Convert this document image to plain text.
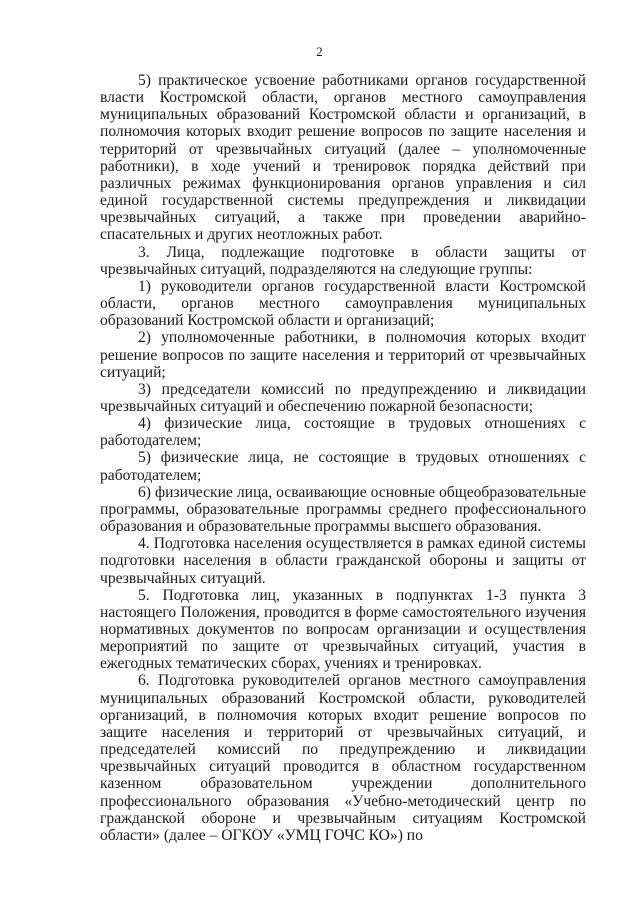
2

5) практическое усвоение работниками органов государственной власти Костромской области, органов местного самоуправления муниципальных образований Костромской области и организаций, в полномочия которых входит решение вопросов по защите населения и территорий от чрезвычайных ситуаций (далее – уполномоченные работники), в ходе учений и тренировок порядка действий при различных режимах функционирования органов управления и сил единой государственной системы предупреждения и ликвидации чрезвычайных ситуаций, а также при проведении аварийно-спасательных и других неотложных работ.

3. Лица, подлежащие подготовке в области защиты от чрезвычайных ситуаций, подразделяются на следующие группы:

1) руководители органов государственной власти Костромской области, органов местного самоуправления муниципальных образований Костромской области и организаций;

2) уполномоченные работники, в полномочия которых входит решение вопросов по защите населения и территорий от чрезвычайных ситуаций;

3) председатели комиссий по предупреждению и ликвидации чрезвычайных ситуаций и обеспечению пожарной безопасности;

4) физические лица, состоящие в трудовых отношениях с работодателем;

5) физические лица, не состоящие в трудовых отношениях с работодателем;

6) физические лица, осваивающие основные общеобразовательные программы, образовательные программы среднего профессионального образования и образовательные программы высшего образования.

4. Подготовка населения осуществляется в рамках единой системы подготовки населения в области гражданской обороны и защиты от чрезвычайных ситуаций.

5. Подготовка лиц, указанных в подпунктах 1-3 пункта 3 настоящего Положения, проводится в форме самостоятельного изучения нормативных документов по вопросам организации и осуществления мероприятий по защите от чрезвычайных ситуаций, участия в ежегодных тематических сборах, учениях и тренировках.

6. Подготовка руководителей органов местного самоуправления муниципальных образований Костромской области, руководителей организаций, в полномочия которых входит решение вопросов по защите населения и территорий от чрезвычайных ситуаций, и председателей комиссий по предупреждению и ликвидации чрезвычайных ситуаций проводится в областном государственном казенном образовательном учреждении дополнительного профессионального образования «Учебно-методический центр по гражданской обороне и чрезвычайным ситуациям Костромской области» (далее – ОГКОУ «УМЦ ГОЧС КО») по
